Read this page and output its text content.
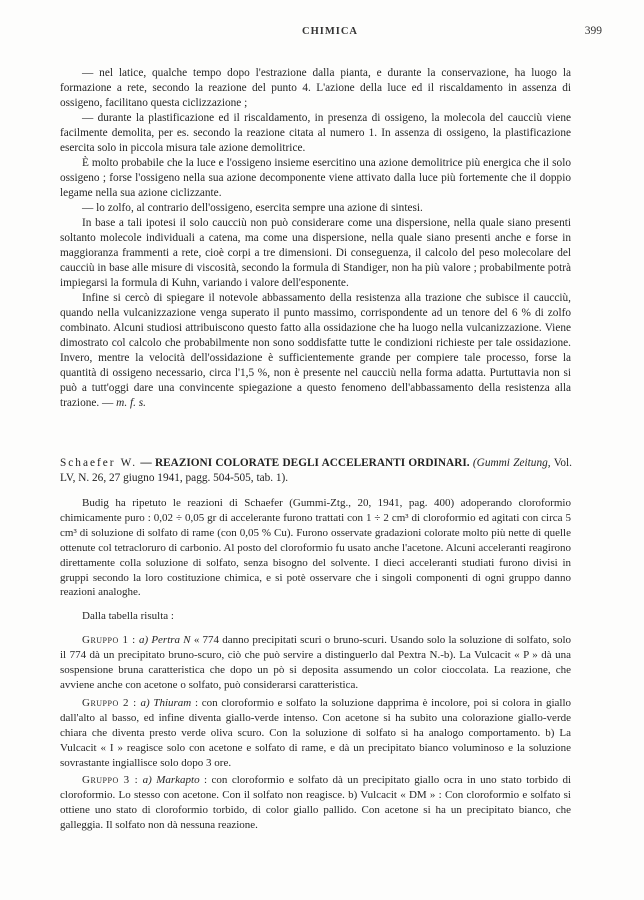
CHIMICA	399

— nel latice, qualche tempo dopo l'estrazione dalla pianta, e durante la conservazione, ha luogo la formazione a rete, secondo la reazione del punto 4. L'azione della luce ed il riscaldamento in assenza di ossigeno, facilitano questa ciclizzazione ;

— durante la plastificazione ed il riscaldamento, in presenza di ossigeno, la molecola del caucciù viene facilmente demolita, per es. secondo la reazione citata al numero 1. In assenza di ossigeno, la plastificazione esercita solo in piccola misura tale azione demolitrice.

È molto probabile che la luce e l'ossigeno insieme esercitino una azione demolitrice più energica che il solo ossigeno ; forse l'ossigeno nella sua azione decomponente viene attivato dalla luce più fortemente che il doppio legame nella sua azione ciclizzante.

— lo zolfo, al contrario dell'ossigeno, esercita sempre una azione di sintesi.

In base a tali ipotesi il solo caucciù non può considerare come una dispersione, nella quale siano presenti soltanto molecole individuali a catena, ma come una dispersione, nella quale siano presenti anche e forse in maggioranza frammenti a rete, cioè corpi a tre dimensioni. Di conseguenza, il calcolo del peso molecolare del caucciù in base alle misure di viscosità, secondo la formula di Standiger, non ha più valore ; probabilmente potrà impiegarsi la formula di Kuhn, variando i valore dell'esponente.

Infine si cercò di spiegare il notevole abbassamento della resistenza alla trazione che subisce il caucciù, quando nella vulcanizzazione venga superato il punto massimo, corrispondente ad un tenore del 6 % di zolfo combinato. Alcuni studiosi attribuiscono questo fatto alla ossidazione che ha luogo nella vulcanizzazione. Viene dimostrato col calcolo che probabilmente non sono soddisfatte tutte le condizioni richieste per tale ossidazione. Invero, mentre la velocità dell'ossidazione è sufficientemente grande per compiere tale processo, forse la quantità di ossigeno necessario, circa l'1,5 %, non è presente nel caucciù nella forma adatta. Purtuttavia non si può a tutt'oggi dare una convincente spiegazione a questo fenomeno dell'abbassamento della resistenza alla trazione. — m. f. s.

Schaefer W. — REAZIONI COLORATE DEGLI ACCELERANTI ORDINARI. (Gummi Zeitung, Vol. LV, N. 26, 27 giugno 1941, pagg. 504-505, tab. 1).

Budig ha ripetuto le reazioni di Schaefer (Gummi-Ztg., 20, 1941, pag. 400) adoperando cloroformio chimicamente puro : 0,02 ÷ 0,05 gr di accelerante furono trattati con 1 ÷ 2 cm³ di cloroformio ed agitati con circa 5 cm³ di soluzione di solfato di rame (con 0,05 % Cu). Furono osservate gradazioni colorate molto più nette di quelle ottenute col tetracloruro di carbonio. Al posto del cloroformio fu usato anche l'acetone. Alcuni acceleranti reagirono direttamente colla soluzione di solfato, senza bisogno del solvente. I dieci acceleranti studiati furono divisi in gruppi secondo la loro costituzione chimica, e si potè osservare che i singoli componenti di ogni gruppo danno reazioni analoghe.

Dalla tabella risulta :

Gruppo 1 : a) Pertra N « 774 danno precipitati scuri o bruno-scuri. Usando solo la soluzione di solfato, solo il 774 dà un precipitato bruno-scuro, ciò che può servire a distinguerlo dal Pextra N.-b). La Vulcacit « P » dà una sospensione bruna caratteristica che dopo un pò si deposita assumendo un color cioccolata. La reazione, che avviene anche con acetone o solfato, può considerarsi caratteristica.

Gruppo 2 : a) Thiuram : con cloroformio e solfato la soluzione dapprima è incolore, poi si colora in giallo dall'alto al basso, ed infine diventa giallo-verde intenso. Con acetone si ha subito una colorazione giallo-verde chiara che diventa presto verde oliva scuro. Con la soluzione di solfato si ha analogo comportamento. b) La Vulcacit « I » reagisce solo con acetone e solfato di rame, e dà un precipitato bianco voluminoso e la soluzione sovrastante ingiallisce solo dopo 3 ore.

Gruppo 3 : a) Markapto : con cloroformio e solfato dà un precipitato giallo ocra in uno stato torbido di cloroformio. Lo stesso con acetone. Con il solfato non reagisce. b) Vulcacit « DM » : Con cloroformio e solfato si ottiene uno stato di cloroformio torbido, di color giallo pallido. Con acetone si ha un precipitato bianco, che galleggia. Il solfato non dà nessuna reazione.
